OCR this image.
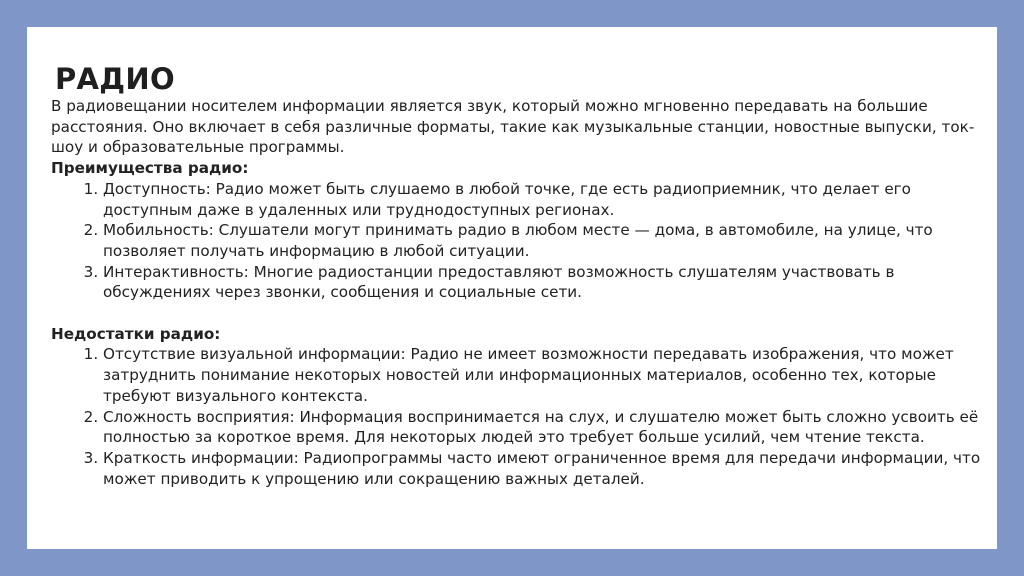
РАДИО

В радиовещании носителем информации является звук, который можно мгновенно передавать на большие расстояния. Оно включает в себя различные форматы, такие как музыкальные станции, новостные выпуски, ток-шоу и образовательные программы.

Преимущества радио:

1. Доступность: Радио может быть слушаемо в любой точке, где есть радиоприемник, что делает его доступным даже в удаленных или труднодоступных регионах.
2. Мобильность: Слушатели могут принимать радио в любом месте — дома, в автомобиле, на улице, что позволяет получать информацию в любой ситуации.
3. Интерактивность: Многие радиостанции предоставляют возможность слушателям участвовать в обсуждениях через звонки, сообщения и социальные сети.

Недостатки радио:

1. Отсутствие визуальной информации: Радио не имеет возможности передавать изображения, что может затруднить понимание некоторых новостей или информационных материалов, особенно тех, которые требуют визуального контекста.
2. Сложность восприятия: Информация воспринимается на слух, и слушателю может быть сложно усвоить её полностью за короткое время. Для некоторых людей это требует больше усилий, чем чтение текста.
3. Краткость информации: Радиопрограммы часто имеют ограниченное время для передачи информации, что может приводить к упрощению или сокращению важных деталей.
